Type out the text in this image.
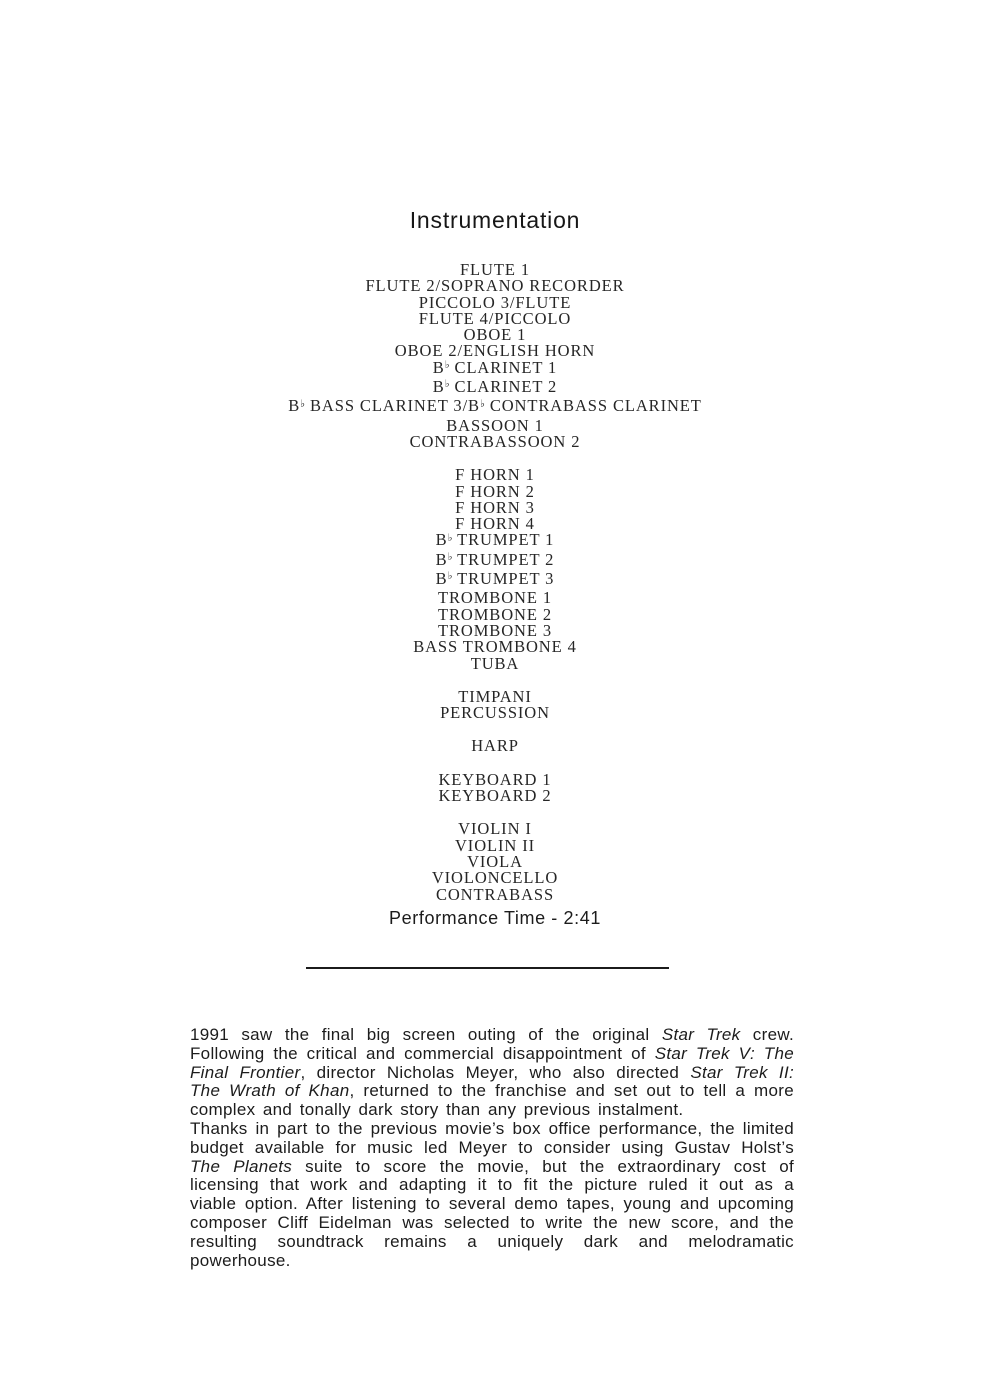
Instrumentation
FLUTE 1
FLUTE 2/SOPRANO RECORDER
PICCOLO 3/FLUTE
FLUTE 4/PICCOLO
OBOE 1
OBOE 2/ENGLISH HORN
B♭ CLARINET 1
B♭ CLARINET 2
B♭ BASS CLARINET 3/B♭ CONTRABASS CLARINET
BASSOON 1
CONTRABASSOON 2
F HORN 1
F HORN 2
F HORN 3
F HORN 4
B♭ TRUMPET 1
B♭ TRUMPET 2
B♭ TRUMPET 3
TROMBONE 1
TROMBONE 2
TROMBONE 3
BASS TROMBONE 4
TUBA
TIMPANI
PERCUSSION
HARP
KEYBOARD 1
KEYBOARD 2
VIOLIN I
VIOLIN II
VIOLA
VIOLONCELLO
CONTRABASS
Performance Time - 2:41

1991 saw the final big screen outing of the original Star Trek crew. Following the critical and commercial disappointment of Star Trek V: The Final Frontier, director Nicholas Meyer, who also directed Star Trek II: The Wrath of Khan, returned to the franchise and set out to tell a more complex and tonally dark story than any previous instalment.

Thanks in part to the previous movie’s box office performance, the limited budget available for music led Meyer to consider using Gustav Holst’s The Planets suite to score the movie, but the extraordinary cost of licensing that work and adapting it to fit the picture ruled it out as a viable option. After listening to several demo tapes, young and upcoming composer Cliff Eidelman was selected to write the new score, and the resulting soundtrack remains a uniquely dark and melodramatic powerhouse.
